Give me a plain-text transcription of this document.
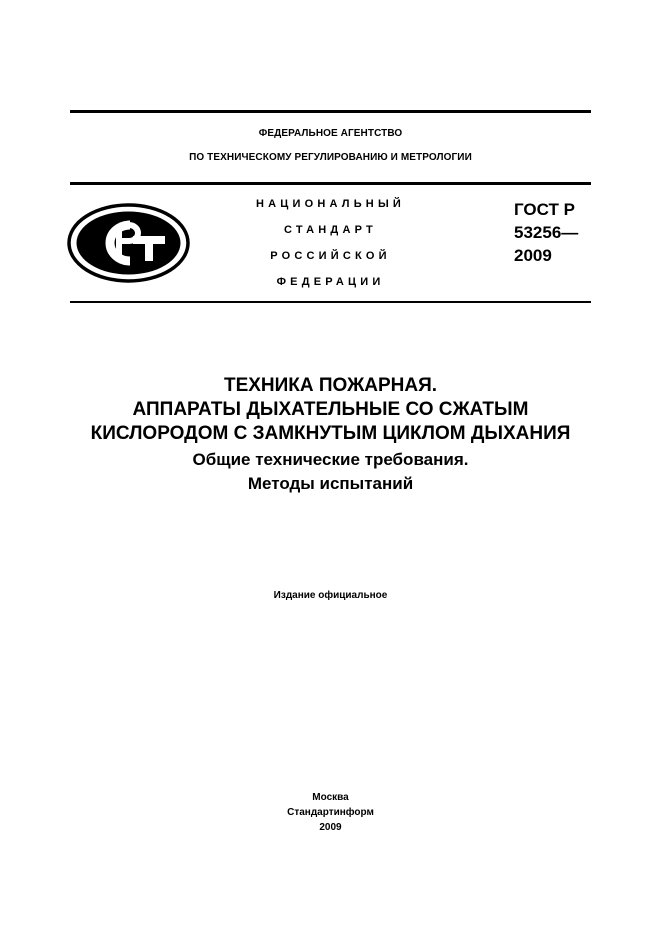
ФЕДЕРАЛЬНОЕ АГЕНТСТВО
ПО ТЕХНИЧЕСКОМУ РЕГУЛИРОВАНИЮ И МЕТРОЛОГИИ
НАЦИОНАЛЬНЫЙ
СТАНДАРТ
РОССИЙСКОЙ
ФЕДЕРАЦИИ
ГОСТ Р
53256—
2009
ТЕХНИКА ПОЖАРНАЯ.
АППАРАТЫ ДЫХАТЕЛЬНЫЕ СО СЖАТЫМ
КИСЛОРОДОМ С ЗАМКНУТЫМ ЦИКЛОМ ДЫХАНИЯ
Общие технические требования.
Методы испытаний
Издание официальное
Москва
Стандартинформ
2009
